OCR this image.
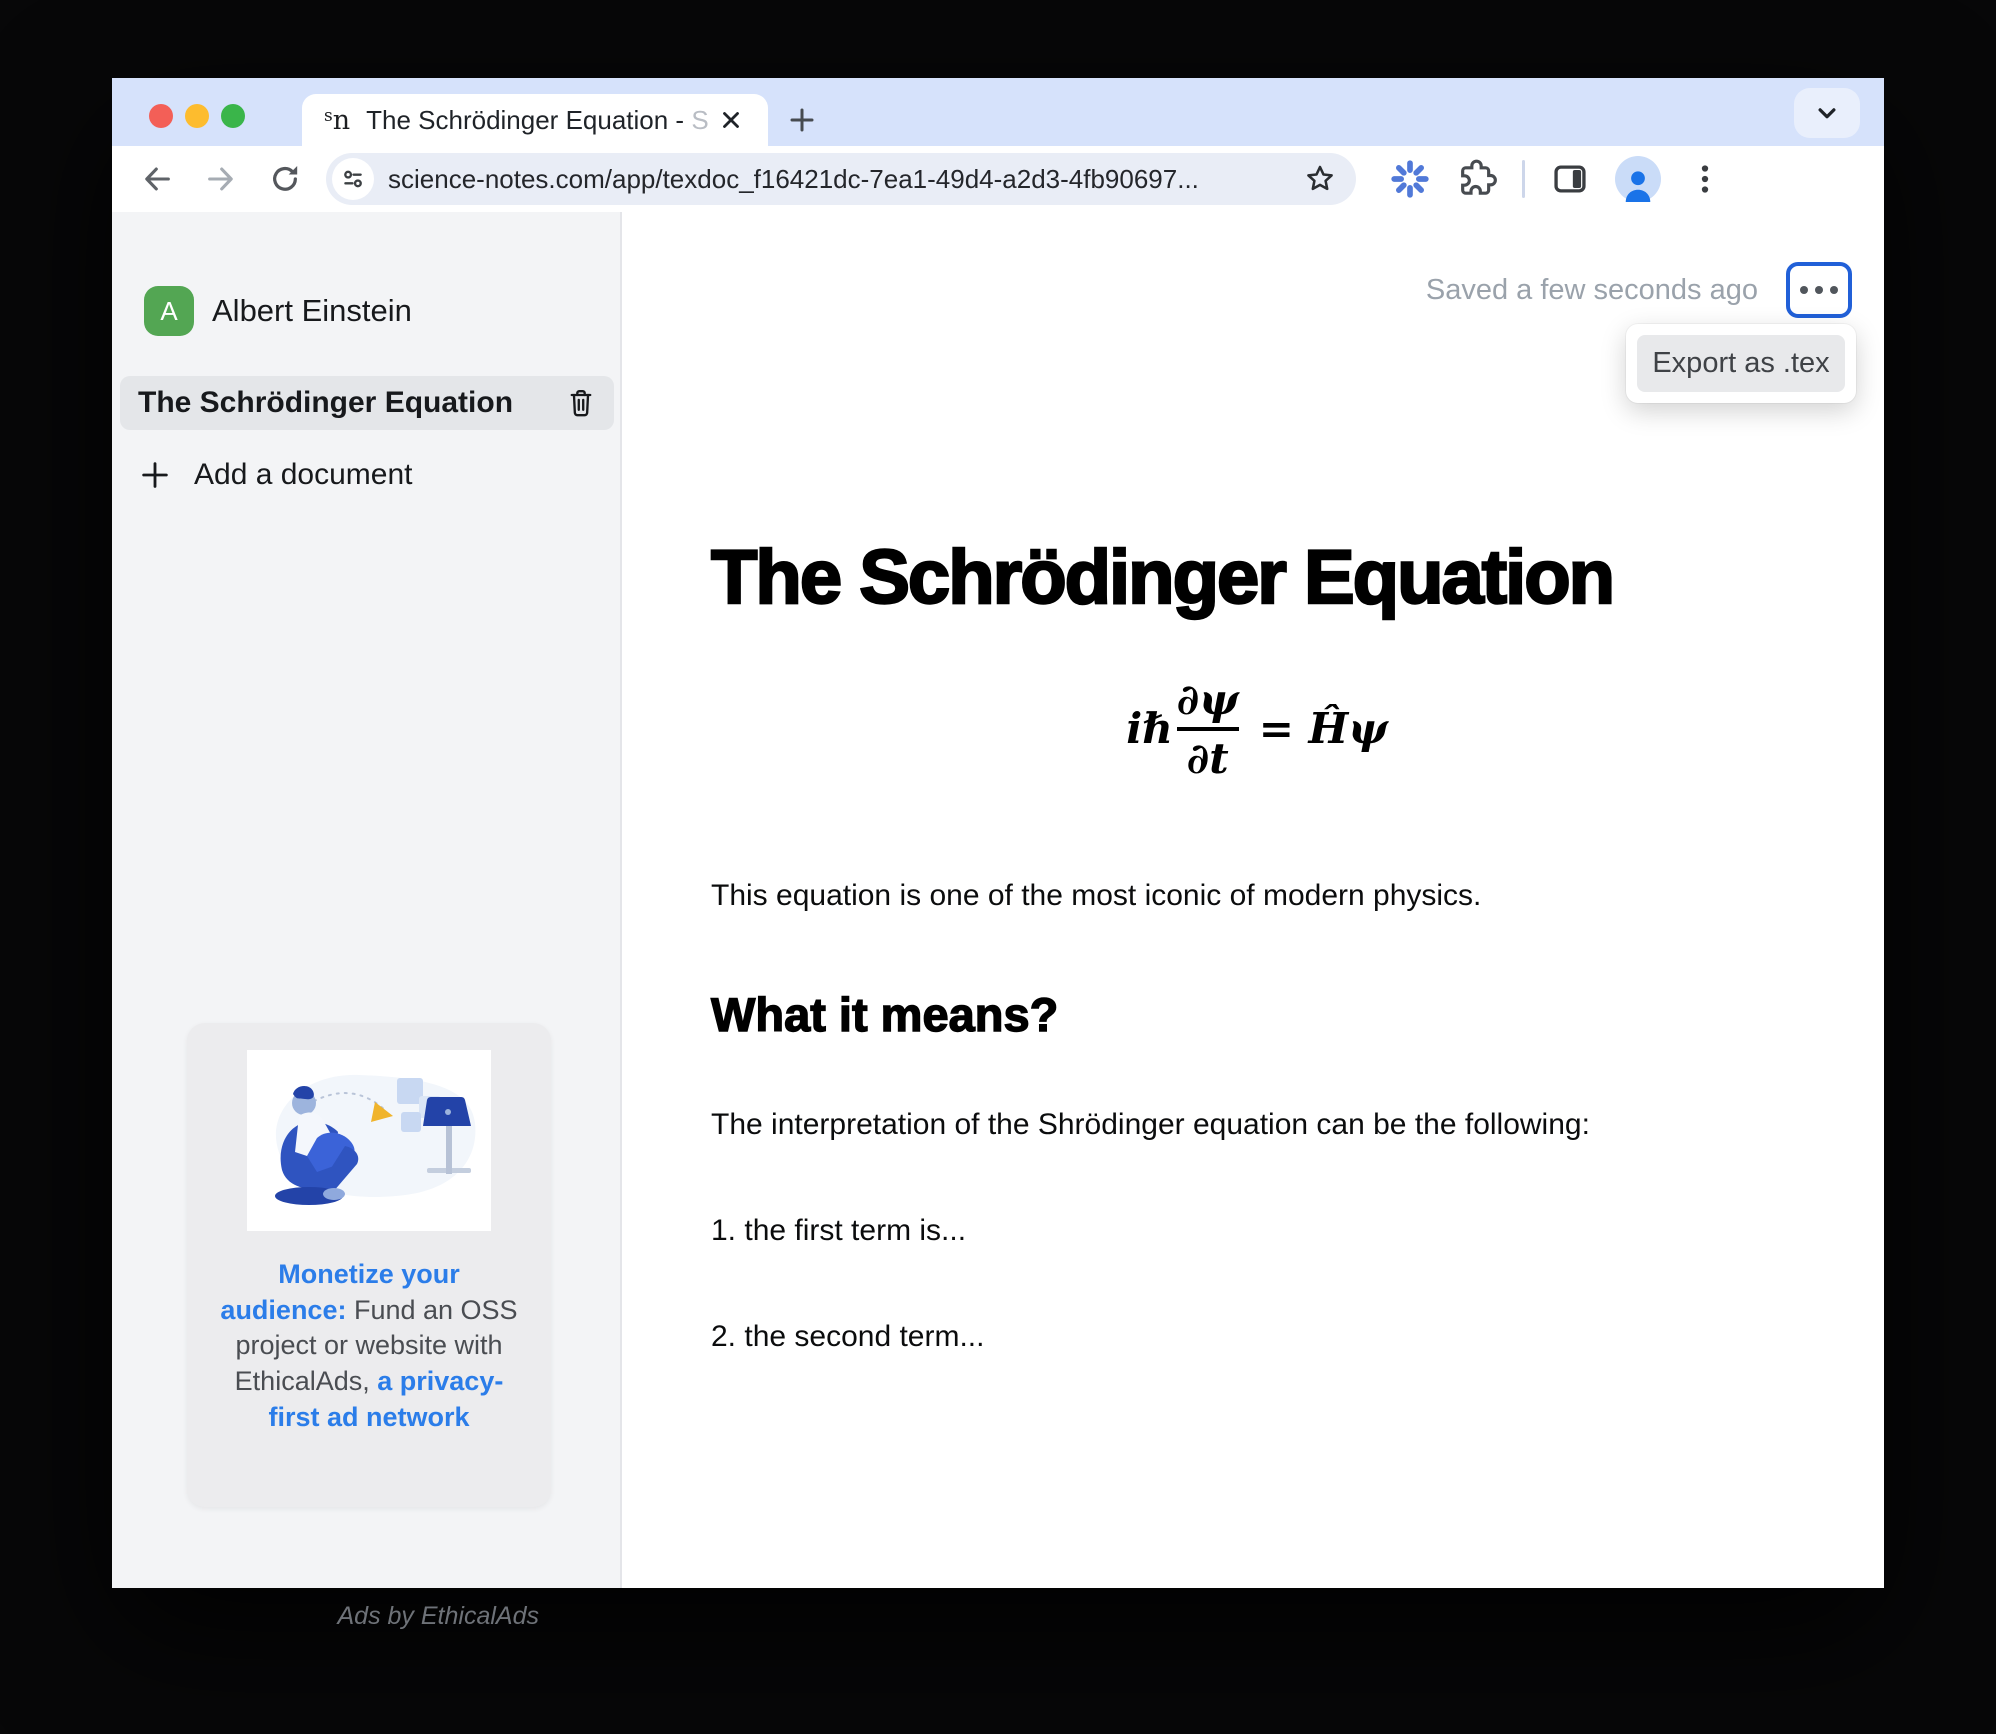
$^s$n The Schrödinger Equation - S
science-notes.com/app/texdoc_f16421dc-7ea1-49d4-a2d3-4fb90697...
A	Albert Einstein
The Schrödinger Equation
Add a document
Monetize your audience: Fund an OSS project or website with EthicalAds, a privacy-first ad network
Ads by EthicalAds
Saved a few seconds ago
Export as .tex
The Schrödinger Equation
iℏ $\frac{\partial\psi}{\partial t}$ = Ĥψ

This equation is one of the most iconic of modern physics.

What it means?

The interpretation of the Shrödinger equation can be the following:

1. the first term is...

2. the second term...
